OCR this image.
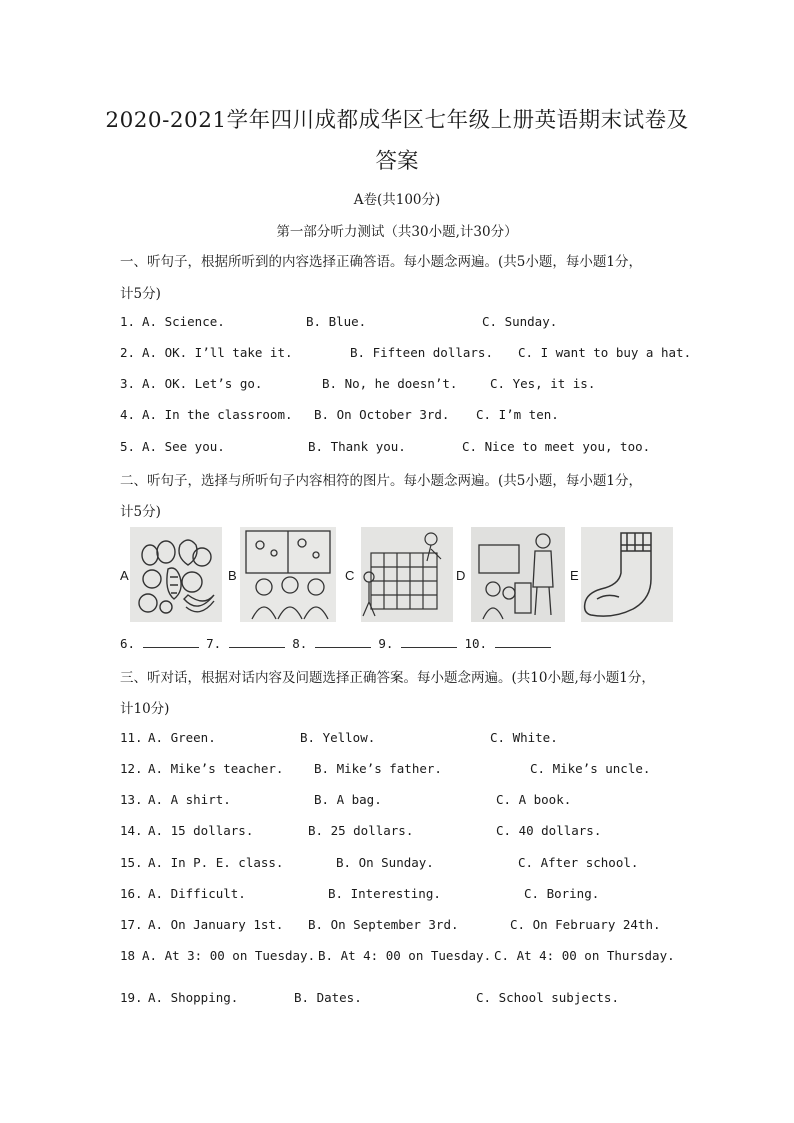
2020-2021学年四川成都成华区七年级上册英语期末试卷及
答案
A卷(共100分)
第一部分听力测试（共30小题,计30分）
一、听句子，根据所听到的内容选择正确答语。每小题念两遍。(共5小题，每小题1分，
计5分)
1. A. Science.	B. Blue.	C. Sunday.
2. A. OK. I’ll take it.	B. Fifteen dollars. C. I want to buy a hat.
3. A. OK. Let’s go.	B. No, he doesn’t.	C. Yes, it is.
4. A. In the classroom. B. On October 3rd. C. I’m ten.
5. A. See you.	B. Thank you.	C. Nice to meet you, too.
二、听句子，选择与所听句子内容相符的图片。每小题念两遍。(共5小题，每小题1分，
计5分)
A	B	C	D	E
6.	7.	8.	9.	10.
三、听对话，根据对话内容及问题选择正确答案。每小题念两遍。(共10小题,每小题1分，
计10分)
11. A. Green.	B. Yellow.	C. White.
12. A. Mike’s teacher. B. Mike’s father.	C. Mike’s uncle.
13. A. A shirt.	B. A bag.	C. A book.
14. A. 15 dollars.	B. 25 dollars.	C. 40 dollars.
15. A. In P. E. class.	B. On Sunday.	C. After school.
16. A. Difficult.	B. Interesting.	C. Boring.
17. A. On January 1st. B. On September 3rd.	C. On February 24th.
18 A. At 3: 00 on Tuesday. B. At 4: 00 on Tuesday. C. At 4: 00 on Thursday.
19. A. Shopping.	B. Dates.	C. School subjects.
